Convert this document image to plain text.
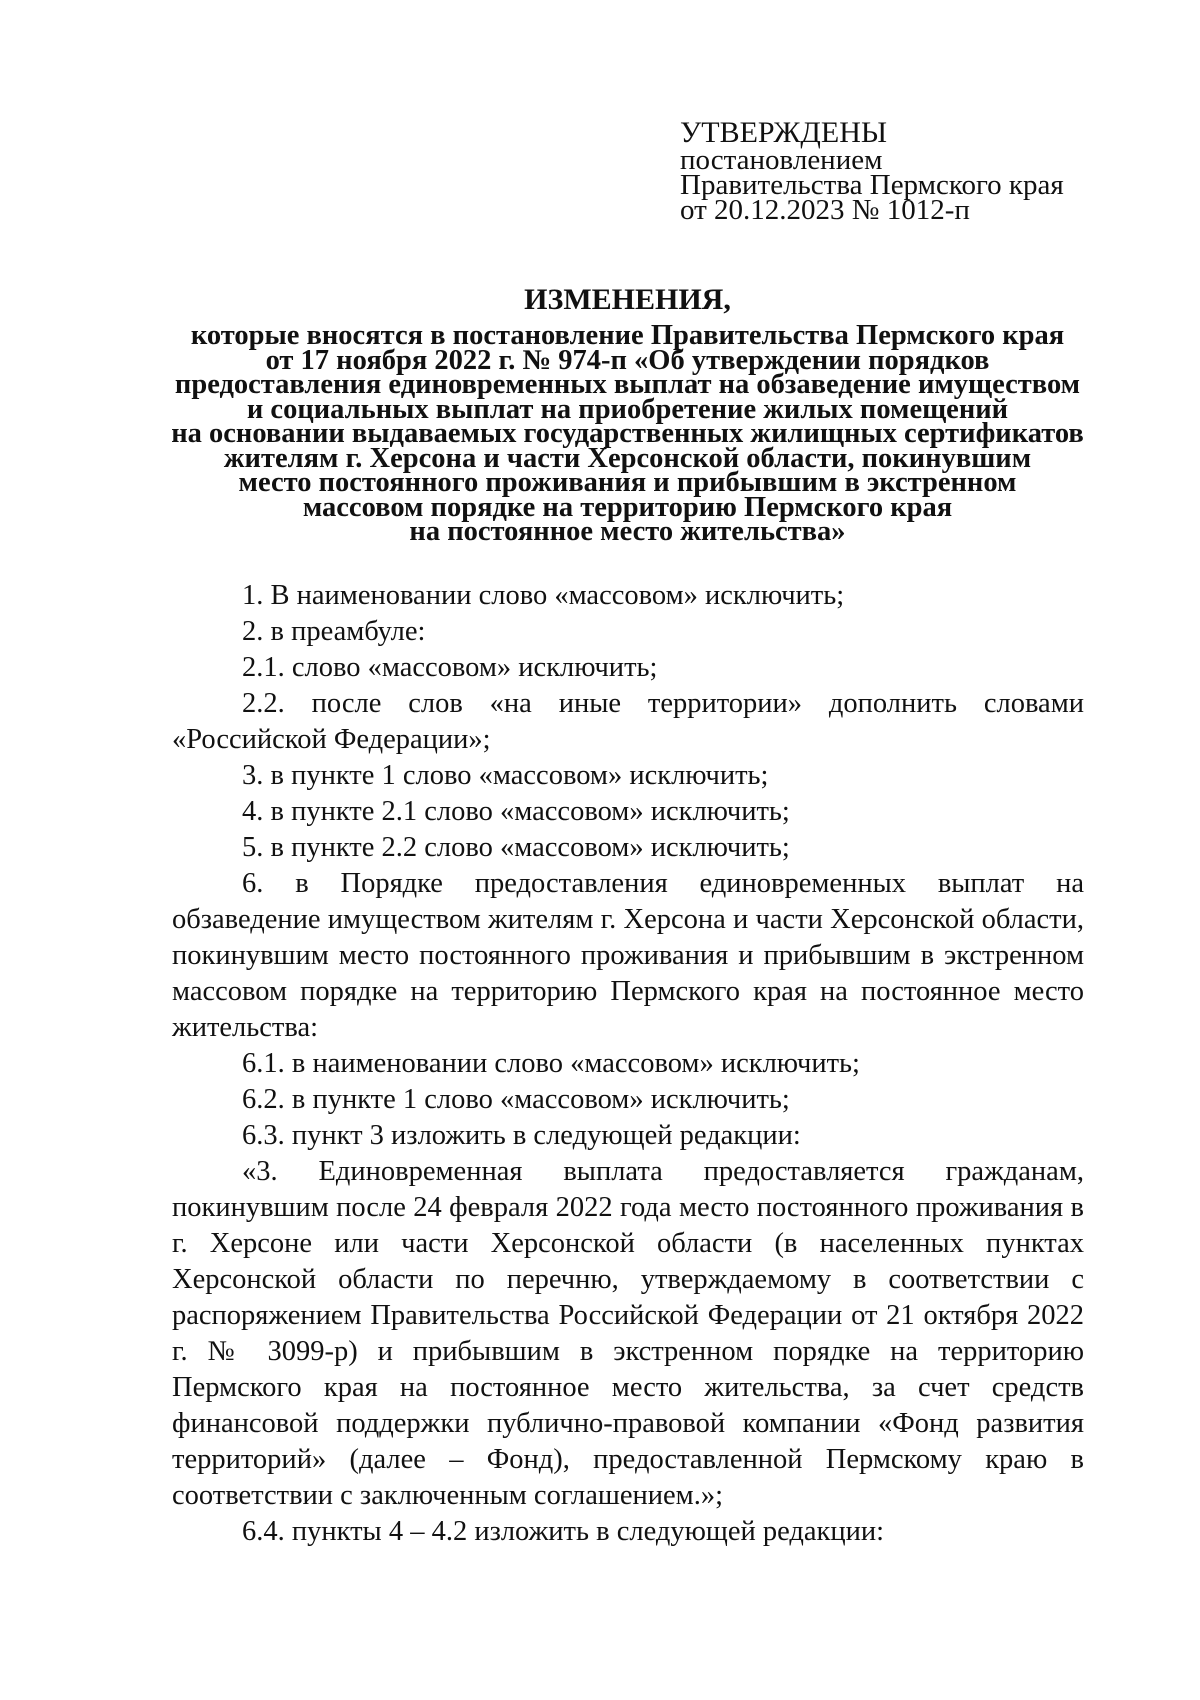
УТВЕРЖДЕНЫ
постановлением
Правительства Пермского края
от 20.12.2023 № 1012-п
ИЗМЕНЕНИЯ,
которые вносятся в постановление Правительства Пермского края
от 17 ноября 2022 г. № 974-п «Об утверждении порядков
предоставления единовременных выплат на обзаведение имуществом
и социальных выплат на приобретение жилых помещений
на основании выдаваемых государственных жилищных сертификатов
жителям г. Херсона и части Херсонской области, покинувшим
место постоянного проживания и прибывшим в экстренном
массовом порядке на территорию Пермского края
на постоянное место жительства»

1. В наименовании слово «массовом» исключить;

2. в преамбуле:

2.1. слово «массовом» исключить;

2.2. после слов «на иные территории» дополнить словами «Российской Федерации»;

3. в пункте 1 слово «массовом» исключить;

4. в пункте 2.1 слово «массовом» исключить;

5. в пункте 2.2 слово «массовом» исключить;

6. в Порядке предоставления единовременных выплат на обзаведение имуществом жителям г. Херсона и части Херсонской области, покинувшим место постоянного проживания и прибывшим в экстренном массовом порядке на территорию Пермского края на постоянное место жительства:

6.1. в наименовании слово «массовом» исключить;

6.2. в пункте 1 слово «массовом» исключить;

6.3. пункт 3 изложить в следующей редакции:

«3. Единовременная выплата предоставляется гражданам, покинувшим после 24 февраля 2022 года место постоянного проживания в г. Херсоне или части Херсонской области (в населенных пунктах Херсонской области по перечню, утверждаемому в соответствии с распоряжением Правительства Российской Федерации от 21 октября 2022 г. № 3099-р) и прибывшим в экстренном порядке на территорию Пермского края на постоянное место жительства, за счет средств финансовой поддержки публично-правовой компании «Фонд развития территорий» (далее – Фонд), предоставленной Пермскому краю в соответствии с заключенным соглашением.»;

6.4. пункты 4 – 4.2 изложить в следующей редакции:
